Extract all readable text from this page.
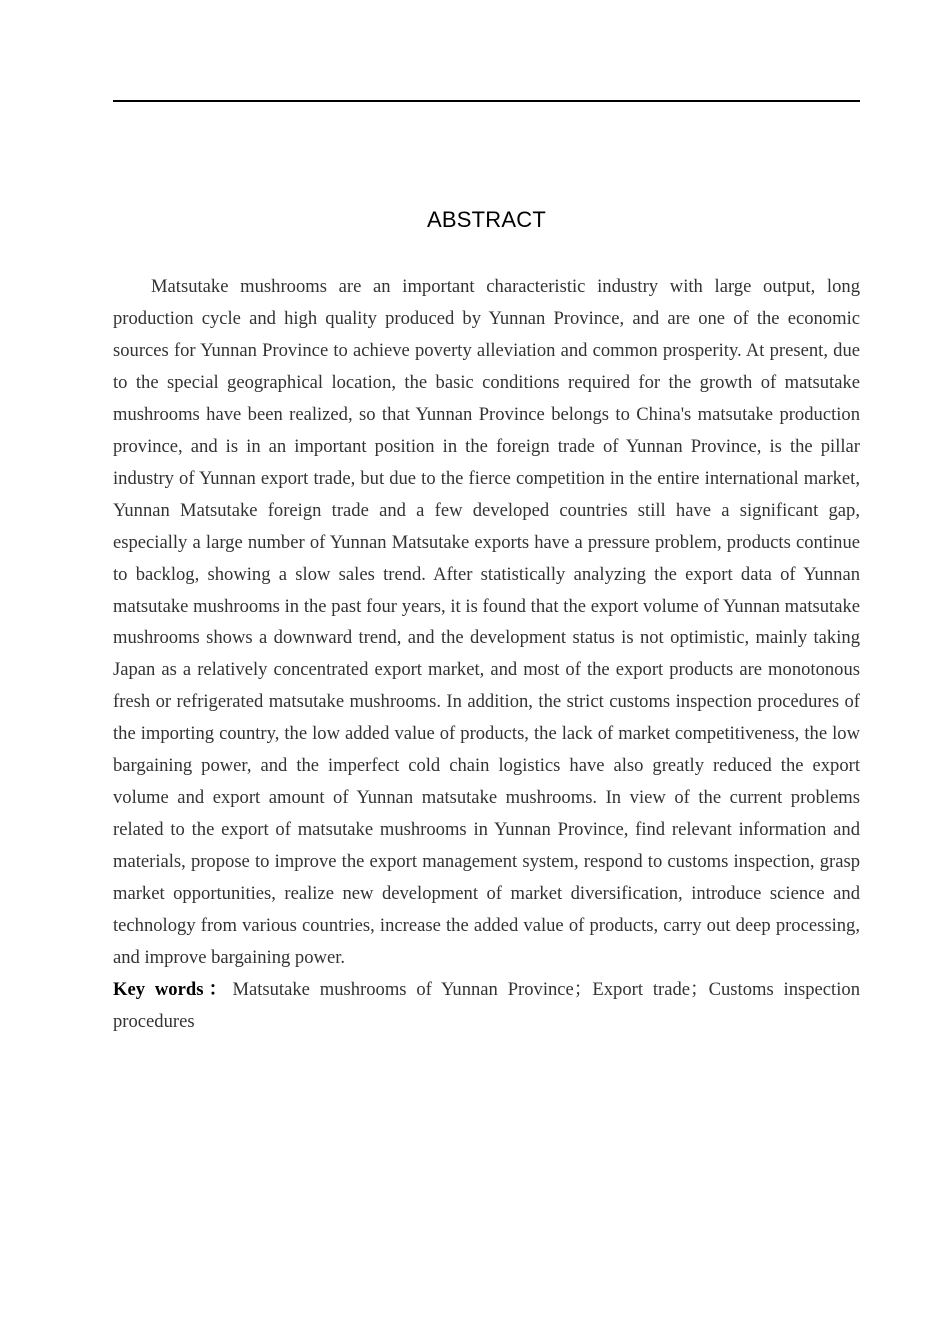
ABSTRACT

Matsutake mushrooms are an important characteristic industry with large output, long production cycle and high quality produced by Yunnan Province, and are one of the economic sources for Yunnan Province to achieve poverty alleviation and common prosperity. At present, due to the special geographical location, the basic conditions required for the growth of matsutake mushrooms have been realized, so that Yunnan Province belongs to China's matsutake production province, and is in an important position in the foreign trade of Yunnan Province, is the pillar industry of Yunnan export trade, but due to the fierce competition in the entire international market, Yunnan Matsutake foreign trade and a few developed countries still have a significant gap, especially a large number of Yunnan Matsutake exports have a pressure problem, products continue to backlog, showing a slow sales trend. After statistically analyzing the export data of Yunnan matsutake mushrooms in the past four years, it is found that the export volume of Yunnan matsutake mushrooms shows a downward trend, and the development status is not optimistic, mainly taking Japan as a relatively concentrated export market, and most of the export products are monotonous fresh or refrigerated matsutake mushrooms. In addition, the strict customs inspection procedures of the importing country, the low added value of products, the lack of market competitiveness, the low bargaining power, and the imperfect cold chain logistics have also greatly reduced the export volume and export amount of Yunnan matsutake mushrooms. In view of the current problems related to the export of matsutake mushrooms in Yunnan Province, find relevant information and materials, propose to improve the export management system, respond to customs inspection, grasp market opportunities, realize new development of market diversification, introduce science and technology from various countries, increase the added value of products, carry out deep processing, and improve bargaining power.

Key words：Matsutake mushrooms of Yunnan Province；Export trade；Customs inspection procedures
